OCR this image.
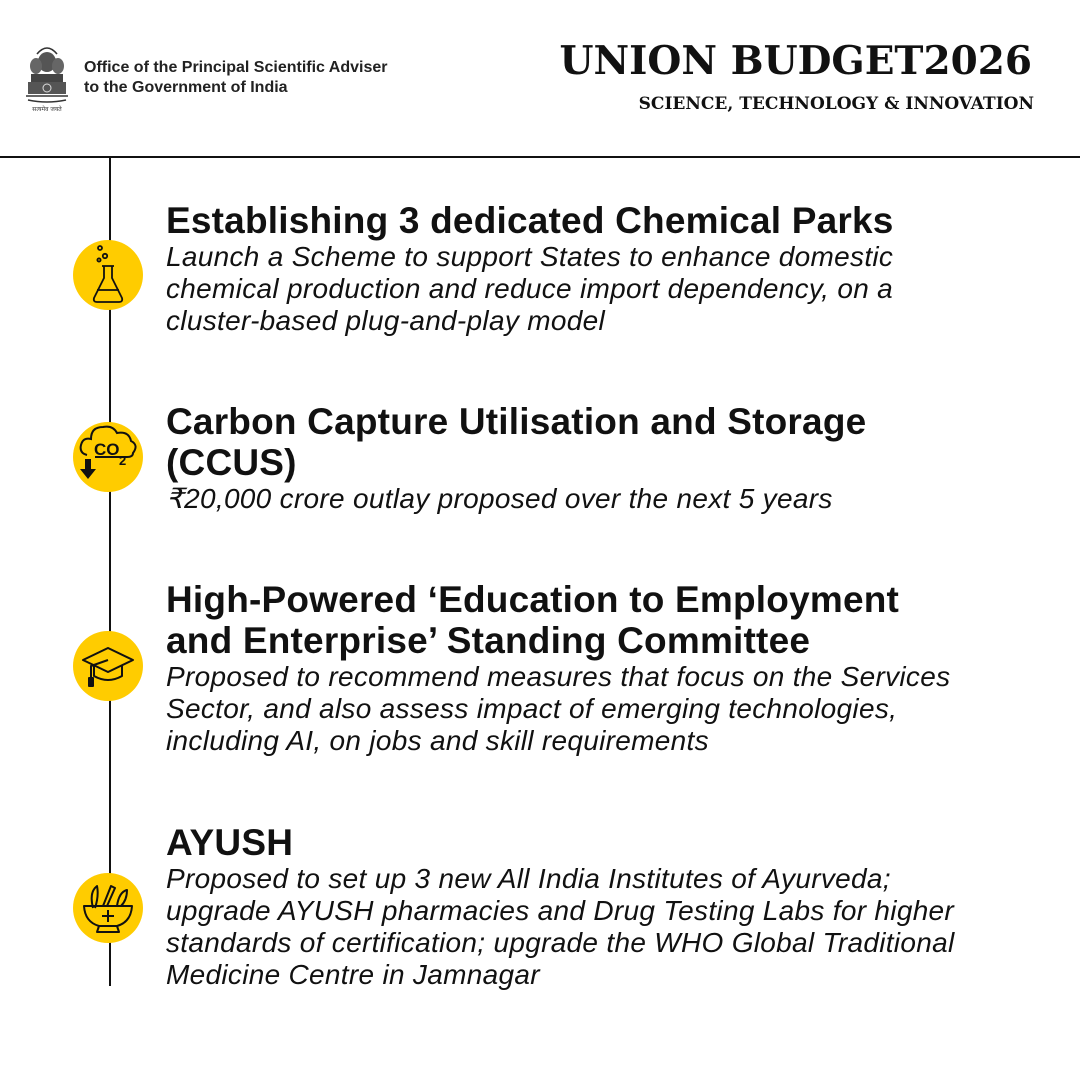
सत्यमेव जयते
Office of the Principal Scientific Adviser
to the Government of India
UNION BUDGET2026
SCIENCE, TECHNOLOGY & INNOVATION
Establishing 3 dedicated Chemical Parks

Launch a Scheme to support States to enhance domestic chemical production and reduce import dependency, on a cluster-based plug-and-play model

CO
2
Carbon Capture Utilisation and Storage (CCUS)

₹20,000 crore outlay proposed over the next 5 years

High-Powered ‘Education to Employment and Enterprise’ Standing Committee

Proposed to recommend measures that focus on the Services Sector, and also assess impact of emerging technologies, including AI, on jobs and skill requirements

AYUSH

Proposed to set up 3 new All India Institutes of Ayurveda; upgrade AYUSH pharmacies and Drug Testing Labs for higher standards of certification; upgrade the WHO Global Traditional Medicine Centre in Jamnagar
